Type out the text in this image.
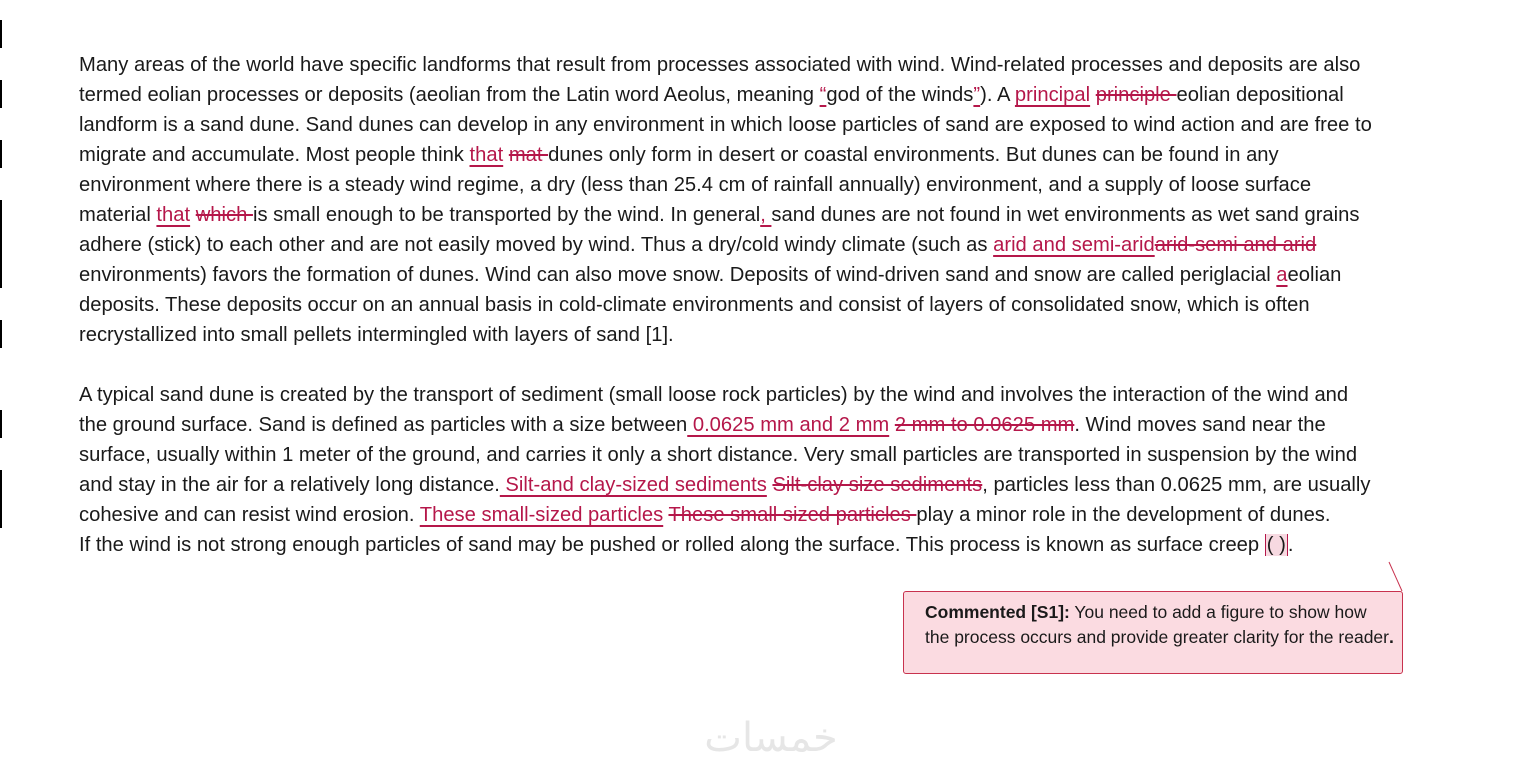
Many areas of the world have specific landforms that result from processes associated with wind. Wind-related processes and deposits are also
termed eolian processes or deposits (aeolian from the Latin word Aeolus, meaning “god of the winds”). A principal principle eolian depositional
landform is a sand dune. Sand dunes can develop in any environment in which loose particles of sand are exposed to wind action and are free to
migrate and accumulate. Most people think that mat dunes only form in desert or coastal environments. But dunes can be found in any
environment where there is a steady wind regime, a dry (less than 25.4 cm of rainfall annually) environment, and a supply of loose surface
material that which is small enough to be transported by the wind. In general, sand dunes are not found in wet environments as wet sand grains
adhere (stick) to each other and are not easily moved by wind. Thus a dry/cold windy climate (such as arid and semi-aridarid-semi and arid
environments) favors the formation of dunes. Wind can also move snow. Deposits of wind-driven sand and snow are called periglacial aeolian
deposits. These deposits occur on an annual basis in cold-climate environments and consist of layers of consolidated snow, which is often
recrystallized into small pellets intermingled with layers of sand [1].
A typical sand dune is created by the transport of sediment (small loose rock particles) by the wind and involves the interaction of the wind and
the ground surface. Sand is defined as particles with a size between 0.0625 mm and 2 mm 2 mm to 0.0625 mm. Wind moves sand near the
surface, usually within 1 meter of the ground, and carries it only a short distance. Very small particles are transported in suspension by the wind
and stay in the air for a relatively long distance. Silt-and clay-sized sediments Silt-clay size sediments, particles less than 0.0625 mm, are usually
cohesive and can resist wind erosion. These small-sized particles These small sized particles play a minor role in the development of dunes.
If the wind is not strong enough particles of sand may be pushed or rolled along the surface. This process is known as surface creep ( ).
Commented [S1]: You need to add a figure to show how the process occurs and provide greater clarity for the reader.
خمسات
